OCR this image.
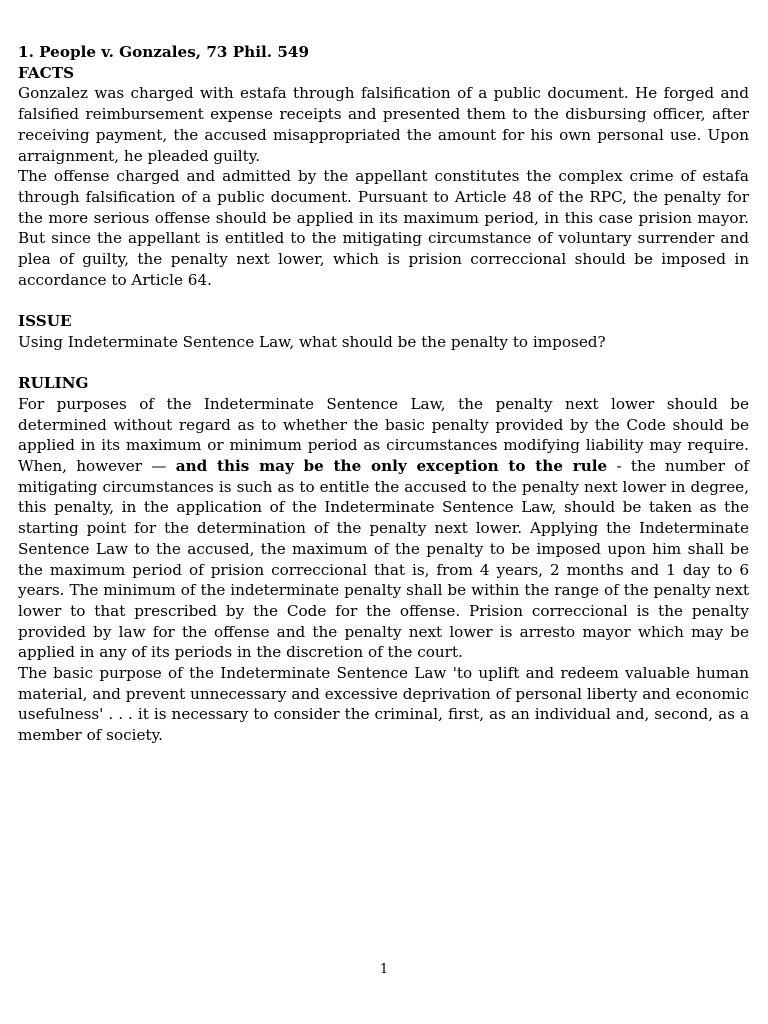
1. People v. Gonzales, 73 Phil. 549
FACTS

Gonzalez was charged with estafa through falsification of a public document. He forged and falsified reimbursement expense receipts and presented them to the disbursing officer, after receiving payment, the accused misappropriated the amount for his own personal use. Upon arraignment, he pleaded guilty.

The offense charged and admitted by the appellant constitutes the complex crime of estafa through falsification of a public document. Pursuant to Article 48 of the RPC, the penalty for the more serious offense should be applied in its maximum period, in this case prision mayor. But since the appellant is entitled to the mitigating circumstance of voluntary surrender and plea of guilty, the penalty next lower, which is prision correccional should be imposed in accordance to Article 64.

ISSUE

Using Indeterminate Sentence Law, what should be the penalty to imposed?

RULING

For purposes of the Indeterminate Sentence Law, the penalty next lower should be determined without regard as to whether the basic penalty provided by the Code should be applied in its maximum or minimum period as circumstances modifying liability may require. When, however — and this may be the only exception to the rule - the number of mitigating circumstances is such as to entitle the accused to the penalty next lower in degree, this penalty, in the application of the Indeterminate Sentence Law, should be taken as the starting point for the determination of the penalty next lower. Applying the Indeterminate Sentence Law to the accused, the maximum of the penalty to be imposed upon him shall be the maximum period of prision correccional that is, from 4 years, 2 months and 1 day to 6 years. The minimum of the indeterminate penalty shall be within the range of the penalty next lower to that prescribed by the Code for the offense. Prision correccional is the penalty provided by law for the offense and the penalty next lower is arresto mayor which may be applied in any of its periods in the discretion of the court.

The basic purpose of the Indeterminate Sentence Law 'to uplift and redeem valuable human material, and prevent unnecessary and excessive deprivation of personal liberty and economic usefulness' . . . it is necessary to consider the criminal, first, as an individual and, second, as a member of society.

1
